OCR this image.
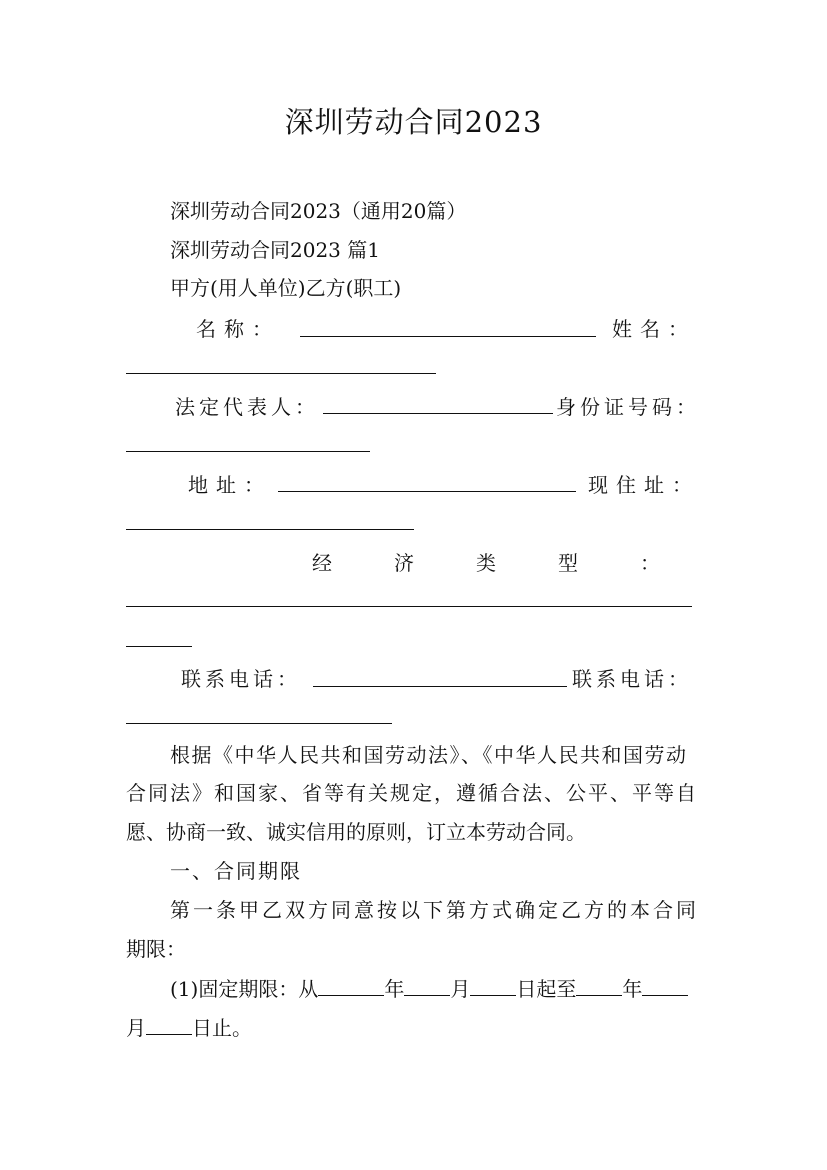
深圳劳动合同2023
深圳劳动合同2023（通用20篇）
深圳劳动合同2023 篇1
甲方(用人单位)乙方(职工)
名称：	姓名：
法定代表人：	身份证号码：
地址：	现住址：
经济类型：
联系电话：	联系电话：
根据《中华人民共和国劳动法》、《中华人民共和国劳动
合同法》和国家、省等有关规定，遵循合法、公平、平等自
愿、协商一致、诚实信用的原则，订立本劳动合同。
一、合同期限
第一条甲乙双方同意按以下第方式确定乙方的本合同
期限：
(1)固定期限：从	年 月 日起至 年
月 日止。
